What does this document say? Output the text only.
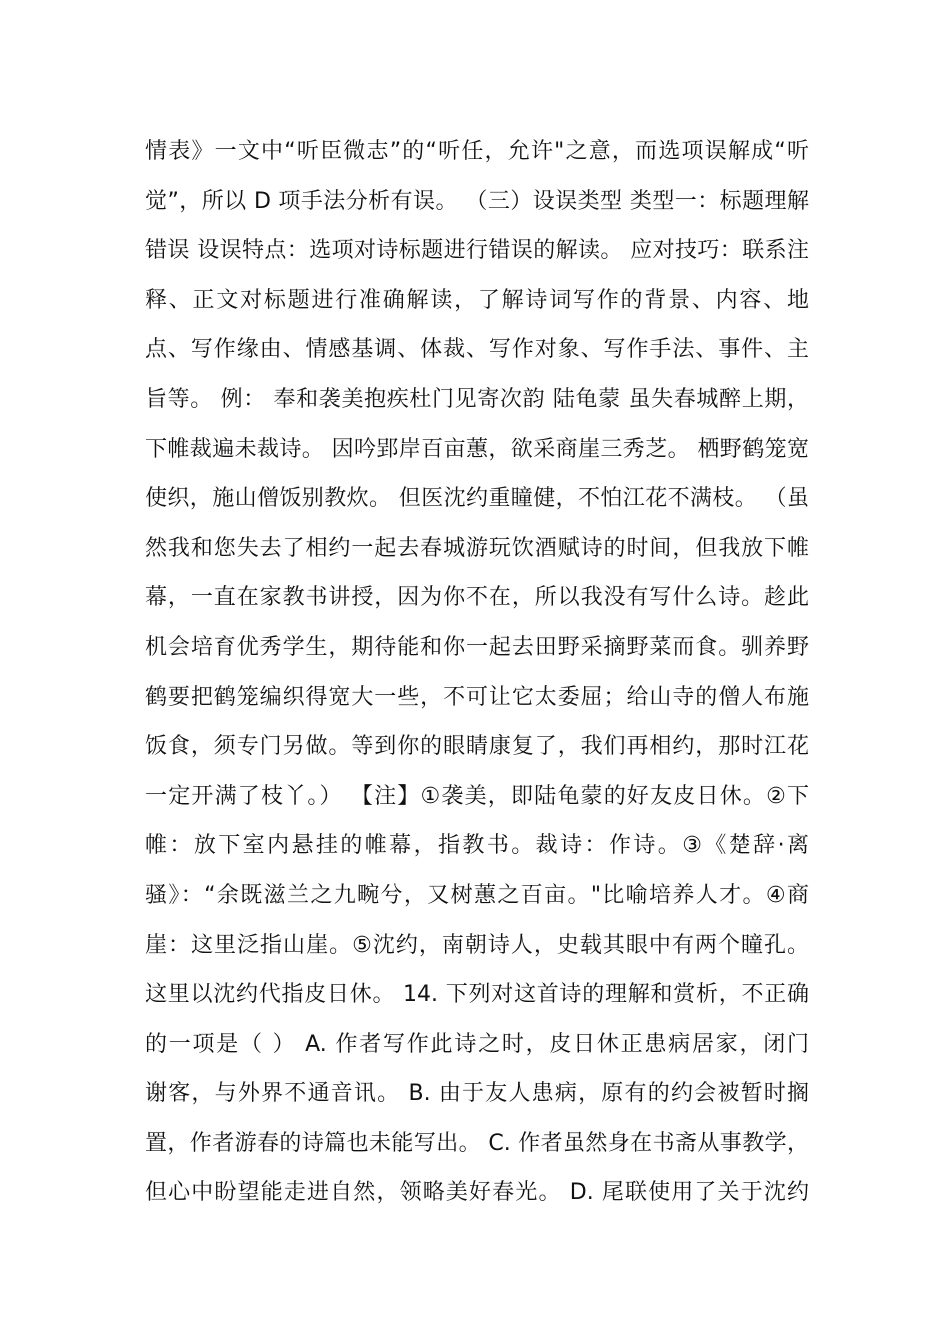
情表》一文中“听臣微志”的“听任，允许"之意，而选项误解成“听
觉”，所以 D 项手法分析有误。 （三）设误类型 类型一：标题理解
错误 设误特点：选项对诗标题进行错误的解读。 应对技巧：联系注
释、正文对标题进行准确解读，了解诗词写作的背景、内容、地
点、写作缘由、情感基调、体裁、写作对象、写作手法、事件、主
旨等。 例： 奉和袭美抱疾杜门见寄次韵 陆龟蒙 虽失春城醉上期，
下帷裁遍未裁诗。 因吟郢岸百亩蕙，欲采商崖三秀芝。 栖野鹤笼宽
使织，施山僧饭别教炊。 但医沈约重瞳健，不怕江花不满枝。 （虽
然我和您失去了相约一起去春城游玩饮酒赋诗的时间，但我放下帷
幕，一直在家教书讲授，因为你不在，所以我没有写什么诗。趁此
机会培育优秀学生，期待能和你一起去田野采摘野菜而食。驯养野
鹤要把鹤笼编织得宽大一些，不可让它太委屈；给山寺的僧人布施
饭食，须专门另做。等到你的眼睛康复了，我们再相约，那时江花
一定开满了枝丫。） 【注】①袭美，即陆龟蒙的好友皮日休。②下
帷：放下室内悬挂的帷幕，指教书。裁诗：作诗。③《楚辞·离
骚》：“余既滋兰之九畹兮，又树蕙之百亩。"比喻培养人才。④商
崖：这里泛指山崖。⑤沈约，南朝诗人，史载其眼中有两个瞳孔。
这里以沈约代指皮日休。 14. 下列对这首诗的理解和赏析，不正确
的一项是（ ） A. 作者写作此诗之时，皮日休正患病居家，闭门
谢客，与外界不通音讯。 B. 由于友人患病，原有的约会被暂时搁
置，作者游春的诗篇也未能写出。 C. 作者虽然身在书斋从事教学，
但心中盼望能走进自然，领略美好春光。 D. 尾联使用了关于沈约
